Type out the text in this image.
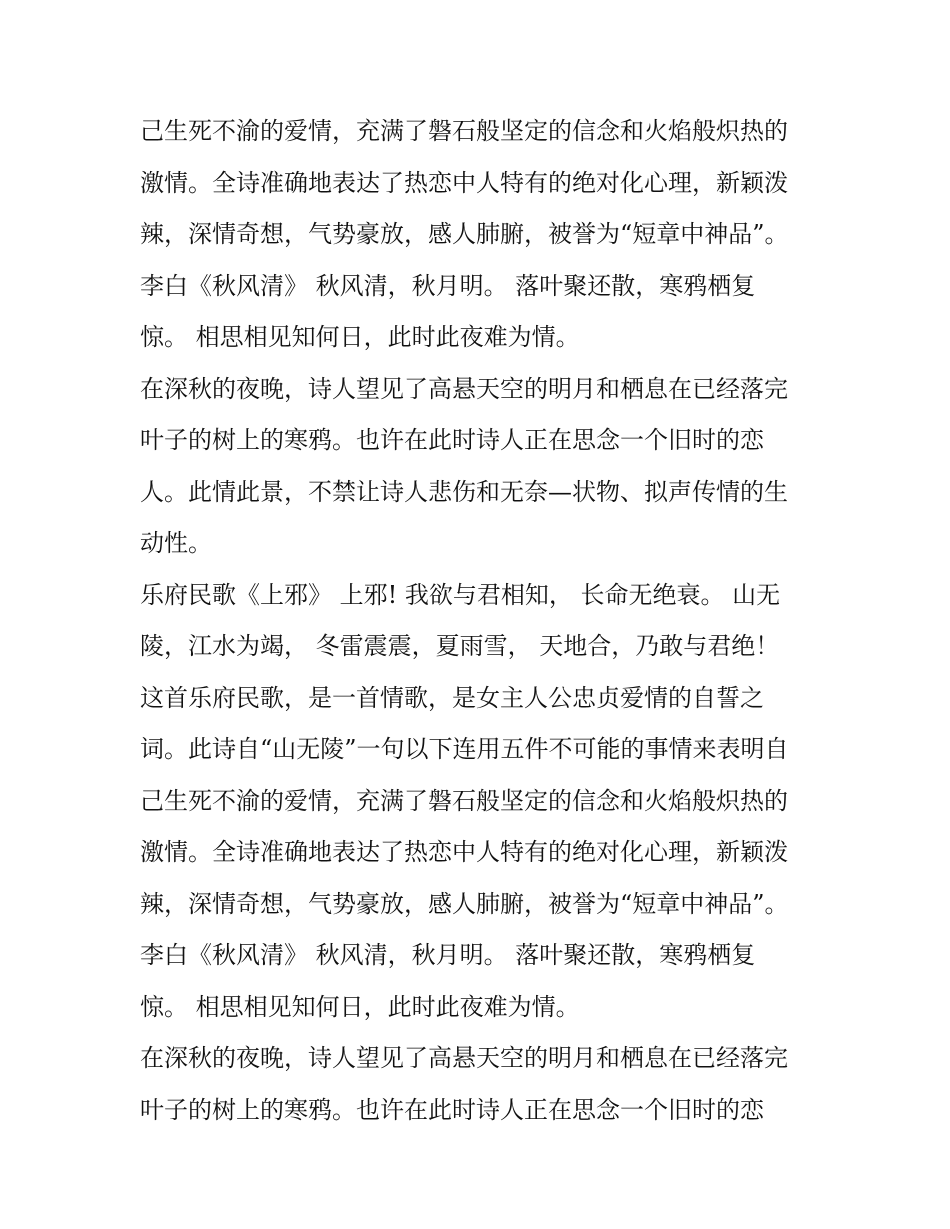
己生死不渝的爱情，充满了磐石般坚定的信念和火焰般炽热的
激情。全诗准确地表达了热恋中人特有的绝对化心理，新颖泼
辣，深情奇想，气势豪放，感人肺腑，被誉为“短章中神品”。
李白《秋风清》 秋风清，秋月明。 落叶聚还散，寒鸦栖复
惊。 相思相见知何日，此时此夜难为情。
在深秋的夜晚，诗人望见了高悬天空的明月和栖息在已经落完
叶子的树上的寒鸦。也许在此时诗人正在思念一个旧时的恋
人。此情此景，不禁让诗人悲伤和无奈—状物、拟声传情的生
动性。
乐府民歌《上邪》 上邪! 我欲与君相知， 长命无绝衰。 山无
陵，江水为竭， 冬雷震震，夏雨雪， 天地合，乃敢与君绝！
这首乐府民歌，是一首情歌，是女主人公忠贞爱情的自誓之
词。此诗自“山无陵”一句以下连用五件不可能的事情来表明自
己生死不渝的爱情，充满了磐石般坚定的信念和火焰般炽热的
激情。全诗准确地表达了热恋中人特有的绝对化心理，新颖泼
辣，深情奇想，气势豪放，感人肺腑，被誉为“短章中神品”。
李白《秋风清》 秋风清，秋月明。 落叶聚还散，寒鸦栖复
惊。 相思相见知何日，此时此夜难为情。
在深秋的夜晚，诗人望见了高悬天空的明月和栖息在已经落完
叶子的树上的寒鸦。也许在此时诗人正在思念一个旧时的恋
